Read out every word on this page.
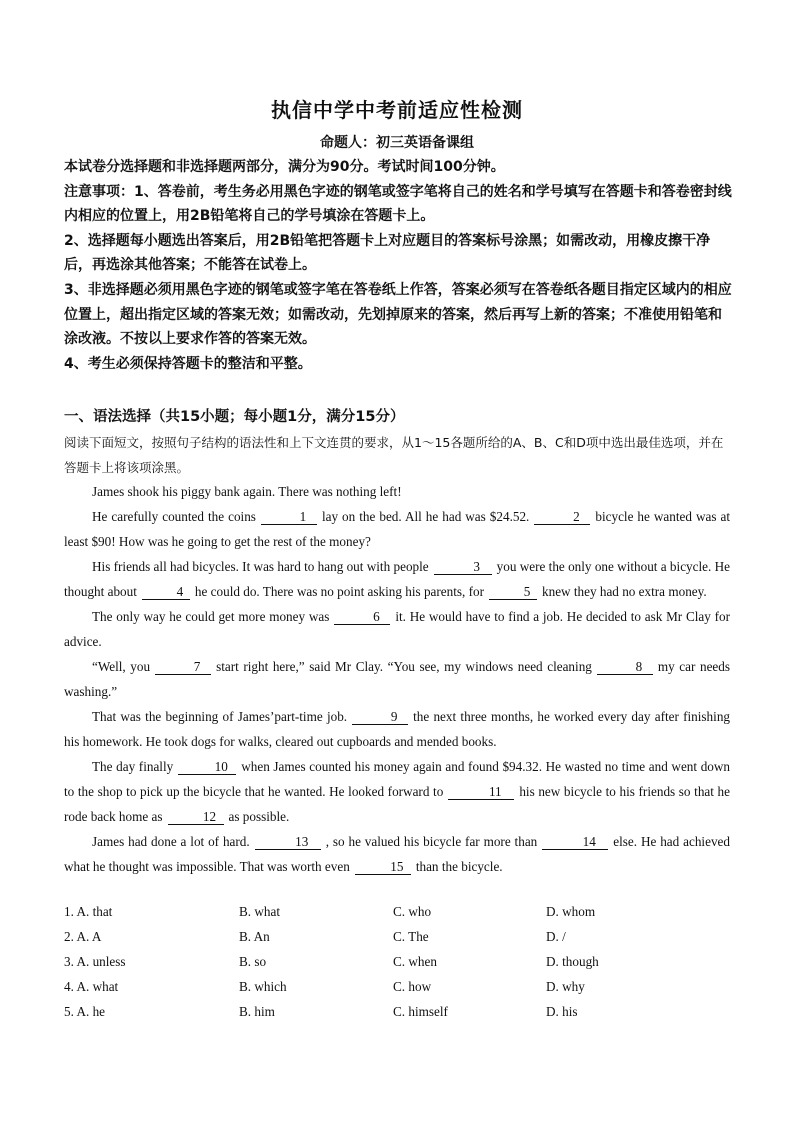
执信中学中考前适应性检测
命题人：初三英语备课组

本试卷分选择题和非选择题两部分，满分为90分。考试时间100分钟。

注意事项：1、答卷前，考生务必用黑色字迹的钢笔或签字笔将自己的姓名和学号填写在答题卡和答卷密封线内相应的位置上，用2B铅笔将自己的学号填涂在答题卡上。

2、选择题每小题选出答案后，用2B铅笔把答题卡上对应题目的答案标号涂黑；如需改动，用橡皮擦干净后，再选涂其他答案；不能答在试卷上。

3、非选择题必须用黑色字迹的钢笔或签字笔在答卷纸上作答，答案必须写在答卷纸各题目指定区域内的相应位置上，超出指定区域的答案无效；如需改动，先划掉原来的答案，然后再写上新的答案；不准使用铅笔和涂改液。不按以上要求作答的答案无效。

4、考生必须保持答题卡的整洁和平整。

一、语法选择（共15小题；每小题1分，满分15分）
阅读下面短文，按照句子结构的语法性和上下文连贯的要求，从1～15各题所给的A、B、C和D项中选出最佳选项，并在答题卡上将该项涂黑。

James shook his piggy bank again. There was nothing left!

He carefully counted the coins	1 lay on the bed. All he had was $24.52.	2 bicycle he wanted was at least $90! How was he going to get the rest of the money?

His friends all had bicycles. It was hard to hang out with people	3 you were the only one without a bicycle. He thought about	4 he could do. There was no point asking his parents, for	5 knew they had no extra money.

The only way he could get more money was	6 it. He would have to find a job. He decided to ask Mr Clay for advice.

“Well, you	7 start right here,” said Mr Clay. “You see, my windows need cleaning	8 my car needs washing.”

That was the beginning of James’part-time job.	9 the next three months, he worked every day after finishing his homework. He took dogs for walks, cleared out cupboards and mended books.

The day finally	10 when James counted his money again and found $94.32. He wasted no time and went down to the shop to pick up the bicycle that he wanted. He looked forward to	11 his new bicycle to his friends so that he rode back home as	12 as possible.

James had done a lot of hard.	13 , so he valued his bicycle far more than	14 else. He had achieved what he thought was impossible. That was worth even	15 than the bicycle.

1. A. that	B. what	C. who	D. whom
2. A. A	B. An	C. The	D. /
3. A. unless	B. so	C. when	D. though
4. A. what	B. which	C. how	D. why
5. A. he	B. him	C. himself	D. his
